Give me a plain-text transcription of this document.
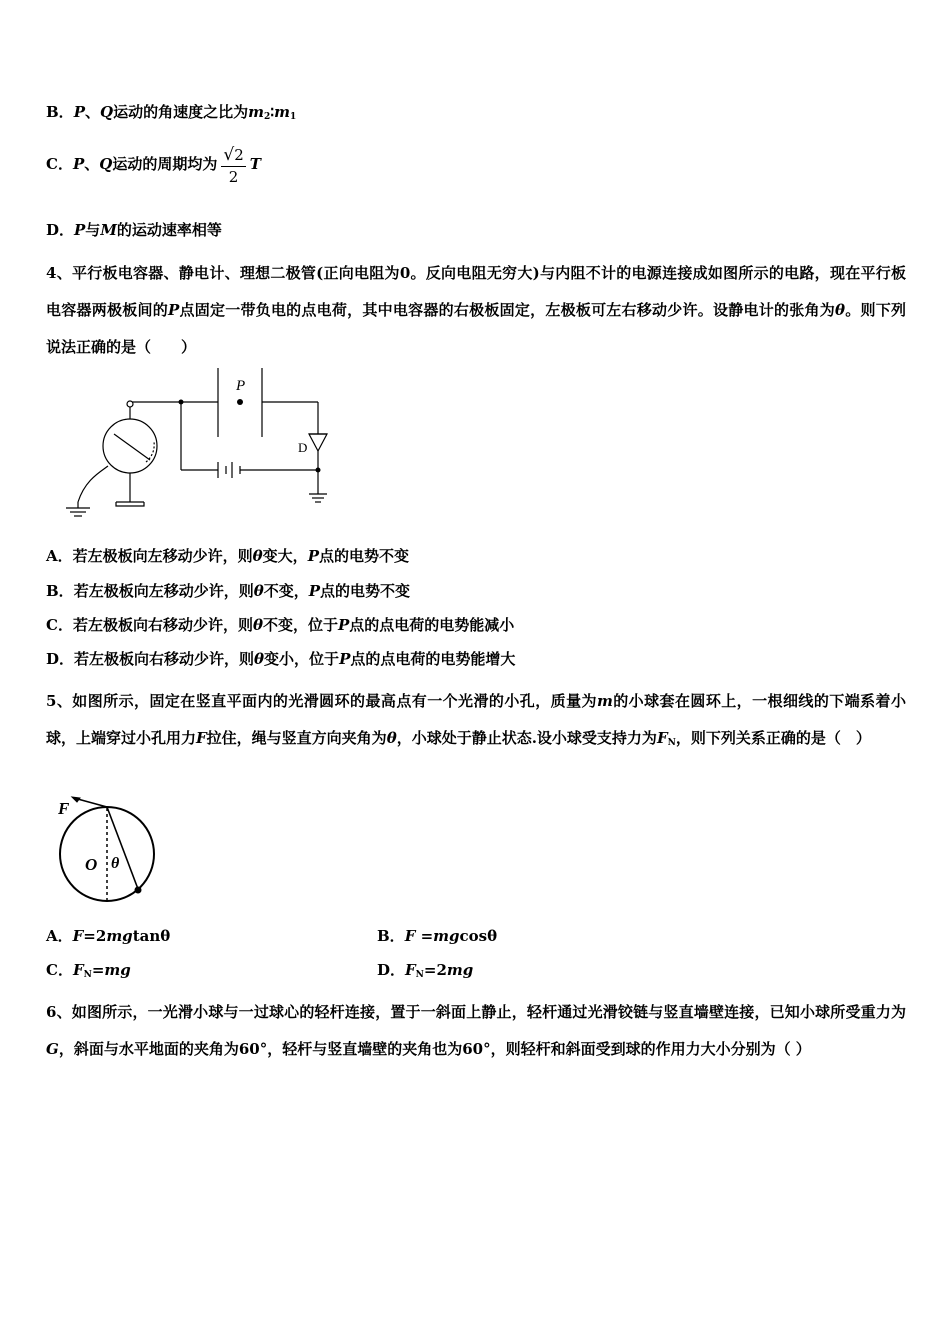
B．P、Q运动的角速度之比为$m_2∶m_1$
C．P、Q运动的周期均为 $\frac{√2}{2}$ T
D．P与M的运动速率相等
4、平行板电容器、静电计、理想二极管(正向电阻为0。反向电阻无穷大)与内阻不计的电源连接成如图所示的电路，现在平行板电容器两极板间的P点固定一带负电的点电荷，其中电容器的右极板固定，左极板可左右移动少许。设静电计的张角为θ。则下列说法正确的是（　　）
P
D
A．若左极板向左移动少许，则θ变大，P点的电势不变
B．若左极板向左移动少许，则θ不变，P点的电势不变
C．若左极板向右移动少许，则θ不变，位于P点的点电荷的电势能减小
D．若左极板向右移动少许，则θ变小，位于P点的点电荷的电势能增大
5、如图所示，固定在竖直平面内的光滑圆环的最高点有一个光滑的小孔，质量为m的小球套在圆环上，一根细线的下端系着小球，上端穿过小孔用力F拉住，绳与竖直方向夹角为θ，小球处于静止状态.设小球受支持力为$F_N$，则下列关系正确的是（　）
F
O θ
A．F=2mgtanθ	B．F =mgcosθ
C．$F_N=mg$	D．$F_N=2mg$
6、如图所示，一光滑小球与一过球心的轻杆连接，置于一斜面上静止，轻杆通过光滑铰链与竖直墙壁连接，已知小球所受重力为G，斜面与水平地面的夹角为60°，轻杆与竖直墙壁的夹角也为60°，则轻杆和斜面受到球的作用力大小分别为（ ）
